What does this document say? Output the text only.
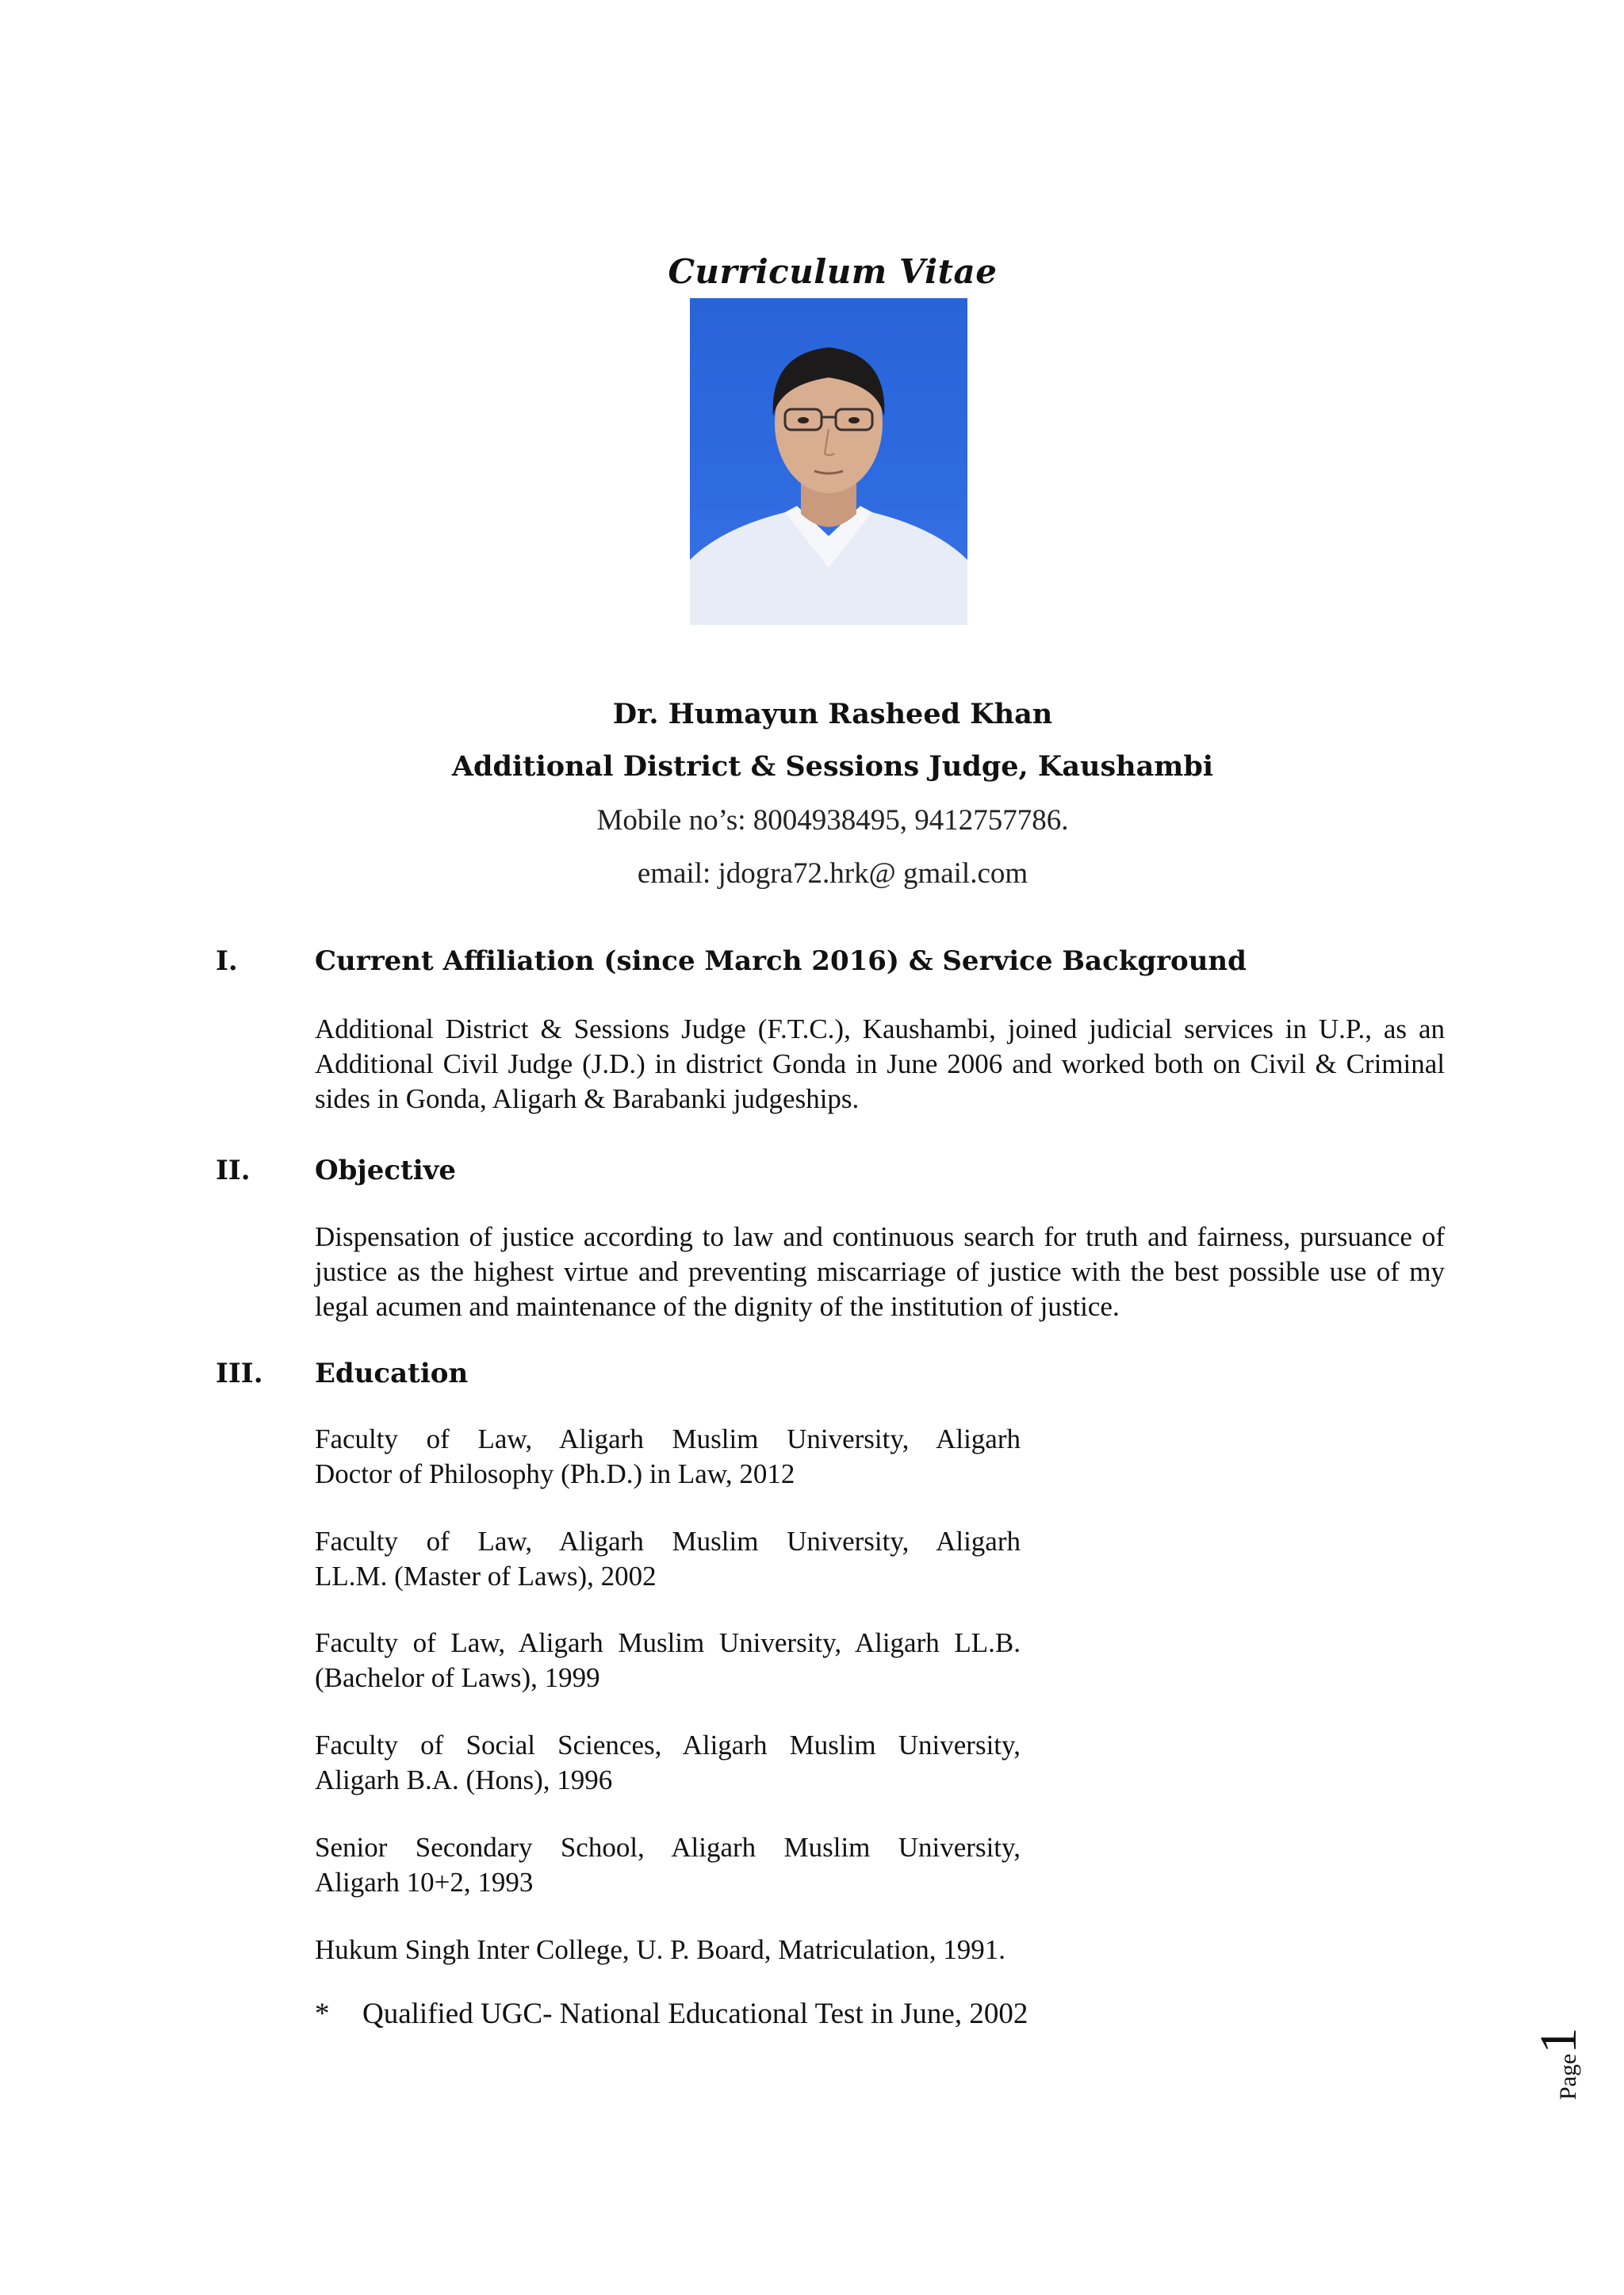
Curriculum Vitae
Dr. Humayun Rasheed Khan
Additional District & Sessions Judge, Kaushambi
Mobile no’s: 8004938495, 9412757786.
email: jdogra72.hrk@ gmail.com
I.	Current Affiliation (since March 2016) & Service Background
Additional District & Sessions Judge (F.T.C.), Kaushambi, joined judicial services in U.P., as an Additional Civil Judge (J.D.) in district Gonda in June 2006 and worked both on Civil & Criminal sides in Gonda, Aligarh & Barabanki judgeships.
II. Objective
Dispensation of justice according to law and continuous search for truth and fairness, pursuance of justice as the highest virtue and preventing miscarriage of justice with the best possible use of my legal acumen and maintenance of the dignity of the institution of justice.
III. Education
Faculty of Law, Aligarh Muslim University, Aligarh
Doctor of Philosophy (Ph.D.) in Law, 2012
Faculty of Law, Aligarh Muslim University, Aligarh
LL.M. (Master of Laws), 2002
Faculty of Law, Aligarh Muslim University, Aligarh LL.B.
(Bachelor of Laws), 1999
Faculty of Social Sciences, Aligarh Muslim University,
Aligarh B.A. (Hons), 1996
Senior Secondary School, Aligarh Muslim University,
Aligarh 10+2, 1993
Hukum Singh Inter College, U. P. Board, Matriculation, 1991.
* Qualified UGC- National Educational Test in June, 2002
Page1
